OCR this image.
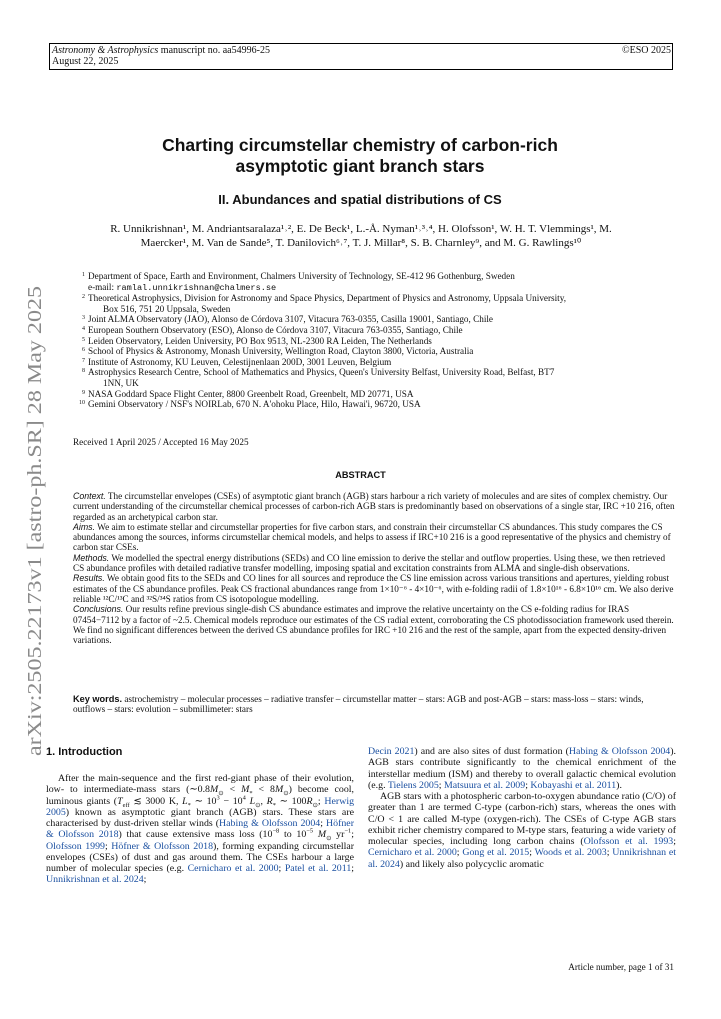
Astronomy & Astrophysics manuscript no. aa54996-25
August 22, 2025
©ESO 2025
arXiv:2505.22173v1 [astro-ph.SR] 28 May 2025
Charting circumstellar chemistry of carbon-rich
asymptotic giant branch stars
II. Abundances and spatial distributions of CS
R. Unnikrishnan¹, M. Andriantsaralaza¹˒², E. De Beck¹, L.-Å. Nyman¹˒³˒⁴, H. Olofsson¹, W. H. T. Vlemmings¹, M.
Maercker¹, M. Van de Sande⁵, T. Danilovich⁶˒⁷, T. J. Millar⁸, S. B. Charnley⁹, and M. G. Rawlings¹⁰
1 Department of Space, Earth and Environment, Chalmers University of Technology, SE-412 96 Gothenburg, Sweden
e-mail: ramlal.unnikrishnan@chalmers.se
2 Theoretical Astrophysics, Division for Astronomy and Space Physics, Department of Physics and Astronomy, Uppsala University,
Box 516, 751 20 Uppsala, Sweden
3 Joint ALMA Observatory (JAO), Alonso de Córdova 3107, Vitacura 763-0355, Casilla 19001, Santiago, Chile
4 European Southern Observatory (ESO), Alonso de Córdova 3107, Vitacura 763-0355, Santiago, Chile
5 Leiden Observatory, Leiden University, PO Box 9513, NL-2300 RA Leiden, The Netherlands
6 School of Physics & Astronomy, Monash University, Wellington Road, Clayton 3800, Victoria, Australia
7 Institute of Astronomy, KU Leuven, Celestijnenlaan 200D, 3001 Leuven, Belgium
8 Astrophysics Research Centre, School of Mathematics and Physics, Queen's University Belfast, University Road, Belfast, BT7
1NN, UK
9 NASA Goddard Space Flight Center, 8800 Greenbelt Road, Greenbelt, MD 20771, USA
10 Gemini Observatory / NSF's NOIRLab, 670 N. A'ohoku Place, Hilo, Hawai'i, 96720, USA
Received 1 April 2025 / Accepted 16 May 2025
ABSTRACT

Context. The circumstellar envelopes (CSEs) of asymptotic giant branch (AGB) stars harbour a rich variety of molecules and are sites of complex chemistry. Our current understanding of the circumstellar chemical processes of carbon-rich AGB stars is predominantly based on observations of a single star, IRC +10 216, often regarded as an archetypical carbon star.

Aims. We aim to estimate stellar and circumstellar properties for five carbon stars, and constrain their circumstellar CS abundances. This study compares the CS abundances among the sources, informs circumstellar chemical models, and helps to assess if IRC+10 216 is a good representative of the physics and chemistry of carbon star CSEs.

Methods. We modelled the spectral energy distributions (SEDs) and CO line emission to derive the stellar and outflow properties. Using these, we then retrieved CS abundance profiles with detailed radiative transfer modelling, imposing spatial and excitation constraints from ALMA and single-dish observations.

Results. We obtain good fits to the SEDs and CO lines for all sources and reproduce the CS line emission across various transitions and apertures, yielding robust estimates of the CS abundance profiles. Peak CS fractional abundances range from 1×10⁻⁶ - 4×10⁻⁶, with e-folding radii of 1.8×10¹⁶ - 6.8×10¹⁶ cm. We also derive reliable ¹²C/¹³C and ³²S/³⁴S ratios from CS isotopologue modelling.

Conclusions. Our results refine previous single-dish CS abundance estimates and improve the relative uncertainty on the CS e-folding radius for IRAS 07454−7112 by a factor of ~2.5. Chemical models reproduce our estimates of the CS radial extent, corroborating the CS photodissociation framework used therein. We find no significant differences between the derived CS abundance profiles for IRC +10 216 and the rest of the sample, apart from the expected density-driven variations.

Key words. astrochemistry – molecular processes – radiative transfer – circumstellar matter – stars: AGB and post-AGB – stars: mass-loss – stars: winds, outflows – stars: evolution – submillimeter: stars
1. Introduction

After the main-sequence and the first red-giant phase of their evolution, low- to intermediate-mass stars $(\sim 0.8M_⊙ < M_* < 8M_⊙)$ become cool, luminous giants ($T_{eff}$ ≲ 3000 K, $L_*$ ∼ $10^3 - 10^4$ $L_⊙$, $R_*$ ∼ $100R_⊙$; Herwig 2005) known as asymptotic giant branch (AGB) stars. These stars are characterised by dust-driven stellar winds (Habing & Olofsson 2004; Höfner & Olofsson 2018) that cause extensive mass loss ($10^{-8}$ to $10^{-5}$ $M_⊙$ $yr^{-1}$; Olofsson 1999; Höfner & Olofsson 2018), forming expanding circumstellar envelopes (CSEs) of dust and gas around them. The CSEs harbour a large number of molecular species (e.g. Cernicharo et al. 2000; Patel et al. 2011; Unnikrishnan et al. 2024;

Decin 2021) and are also sites of dust formation (Habing & Olofsson 2004). AGB stars contribute significantly to the chemical enrichment of the interstellar medium (ISM) and thereby to overall galactic chemical evolution (e.g. Tielens 2005; Matsuura et al. 2009; Kobayashi et al. 2011).

AGB stars with a photospheric carbon-to-oxygen abundance ratio (C/O) of greater than 1 are termed C-type (carbon-rich) stars, whereas the ones with C/O < 1 are called M-type (oxygen-rich). The CSEs of C-type AGB stars exhibit richer chemistry compared to M-type stars, featuring a wide variety of molecular species, including long carbon chains (Olofsson et al. 1993; Cernicharo et al. 2000; Gong et al. 2015; Woods et al. 2003; Unnikrishnan et al. 2024) and likely also polycyclic aromatic

Article number, page 1 of 31
